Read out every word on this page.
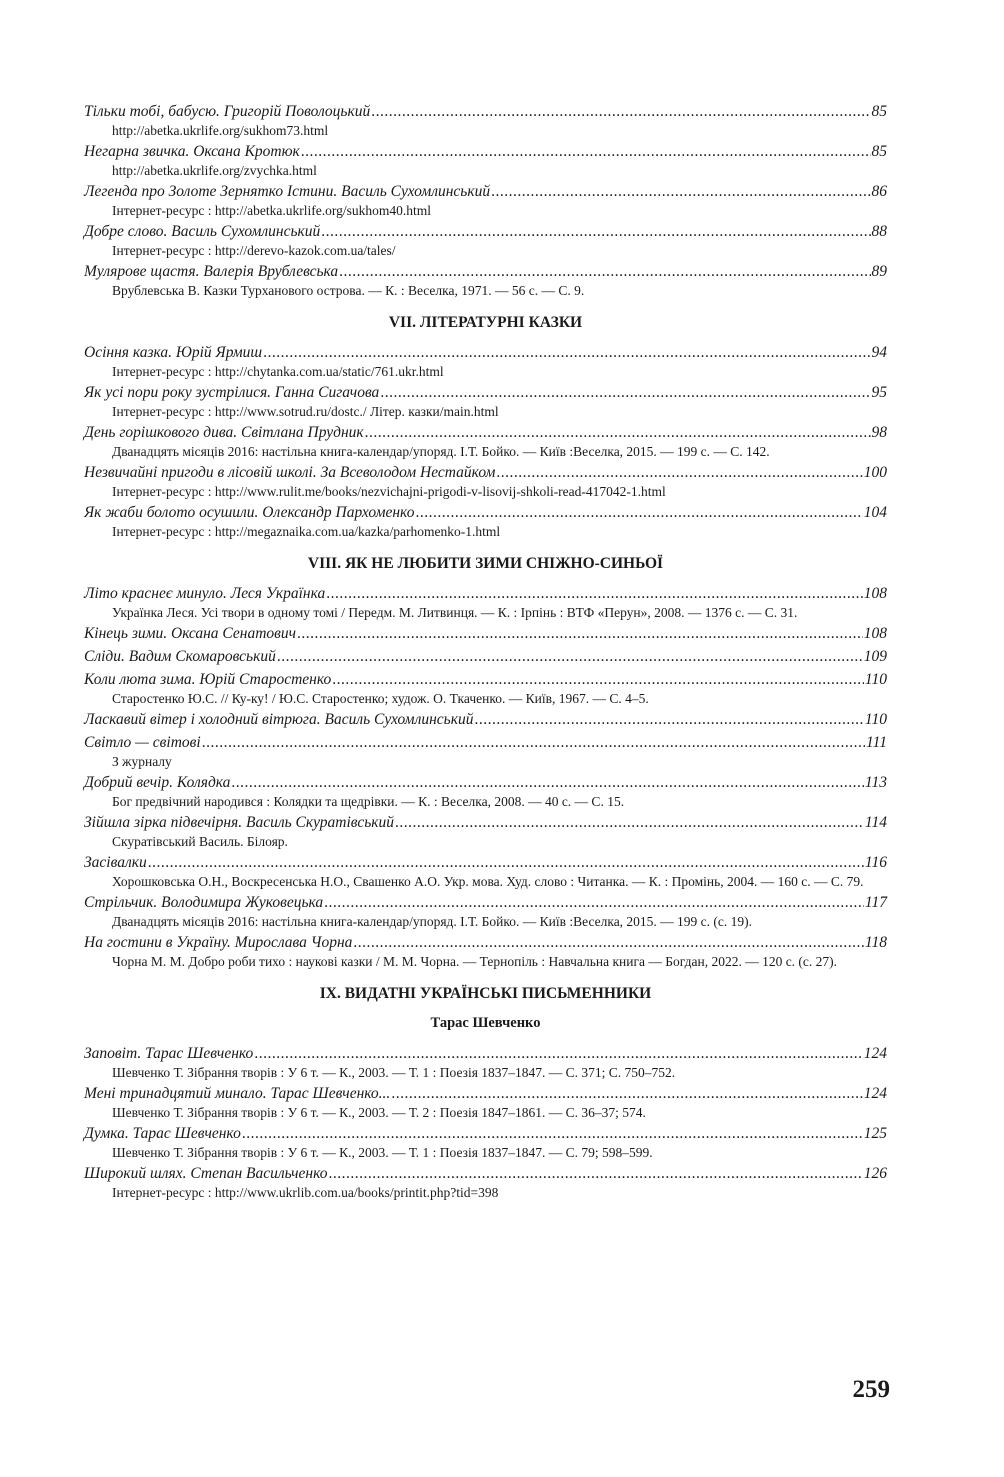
Тільки тобі, бабусю. Григорій Поволоцький .....	85
http://abetka.ukrlife.org/sukhom73.html
Негарна звичка. Оксана Кротюк .....	85
http://abetka.ukrlife.org/zvychka.html
Легенда про Золоте Зернятко Істини. Василь Сухомлинський .....	86
Інтернет-ресурс : http://abetka.ukrlife.org/sukhom40.html
Добре слово. Василь Сухомлинський .....	88
Інтернет-ресурс : http://derevo-kazok.com.ua/tales/
Мулярове щастя. Валерія Врублевська .....	89
Врублевська В. Казки Турханового острова. — К. : Веселка, 1971. — 56 с. — С. 9.
VII. ЛІТЕРАТУРНІ КАЗКИ
Осіння казка. Юрій Ярмиш .....	94
Інтернет-ресурс : http://chytanka.com.ua/static/761.ukr.html
Як усі пори року зустрілися. Ганна Сигачова .....	95
Інтернет-ресурс : http://www.sotrud.ru/dostc./ Літер. казки/main.html
День горішкового дива. Світлана Прудник .....	98
Дванадцять місяців 2016: настільна книга-календар/упоряд. І.Т. Бойко. — Київ :Веселка, 2015. — 199 с. — С. 142.
Незвичайні пригоди в лісовій школі. За Всеволодом Нестайком .....	100
Інтернет-ресурс : http://www.rulit.me/books/nezvichajni-prigodi-v-lisovij-shkoli-read-417042-1.html
Як жаби болото осушили. Олександр Пархоменко .....	104
Інтернет-ресурс : http://megaznaika.com.ua/kazka/parhomenko-1.html
VIII. ЯК НЕ ЛЮБИТИ ЗИМИ СНІЖНО-СИНЬОЇ
Літо краснеє минуло. Леся Українка .....	108
Українка Леся. Усі твори в одному томі / Передм. М. Литвинця. — К. : Ірпінь : ВТФ «Перун», 2008. — 1376 с. — С. 31.
Кінець зими. Оксана Сенатович .....	108
Сліди. Вадим Скомаровський .....	109
Коли люта зима. Юрій Старостенко .....	110
Старостенко Ю.С. // Ку-ку! / Ю.С. Старостенко; худож. О. Ткаченко. — Київ, 1967. — С. 4–5.
Ласкавий вітер і холодний вітрюга. Василь Сухомлинський .....	110
Світло — світові .....	111
З журналу
Добрий вечір. Колядка .....	113
Бог предвічний народився : Колядки та щедрівки. — К. : Веселка, 2008. — 40 с. — С. 15.
Зійшла зірка підвечірня. Василь Скуратівський .....	114
Скуратівський Василь. Білояр.
Засівалки .....	116
Хорошковська О.Н., Воскресенська Н.О., Свашенко А.О. Укр. мова. Худ. слово : Читанка. — К. : Промінь, 2004. — 160 с. — С. 79.
Стрільчик. Володимира Жуковецька .....	117
Дванадцять місяців 2016: настільна книга-календар/упоряд. І.Т. Бойко. — Київ :Веселка, 2015. — 199 с. (с. 19).
На гостини в Україну. Мирослава Чорна .....	118
Чорна М. М. Добро роби тихо : наукові казки / М. М. Чорна. — Тернопіль : Навчальна книга — Богдан, 2022. — 120 с. (с. 27).
IX. ВИДАТНІ УКРАЇНСЬКІ ПИСЬМЕННИКИ
Тарас Шевченко
Заповіт. Тарас Шевченко .....	124
Шевченко Т. Зібрання творів : У 6 т. — К., 2003. — Т. 1 : Поезія 1837–1847. — С. 371; С. 750–752.
Мені тринадцятий минало. Тарас Шевченко... .....	124
Шевченко Т. Зібрання творів : У 6 т. — К., 2003. — Т. 2 : Поезія 1847–1861. — С. 36–37; 574.
Думка. Тарас Шевченко .....	125
Шевченко Т. Зібрання творів : У 6 т. — К., 2003. — Т. 1 : Поезія 1837–1847. — С. 79; 598–599.
Широкий шлях. Степан Васильченко .....	126
Інтернет-ресурс : http://www.ukrlib.com.ua/books/printit.php?tid=398
259
